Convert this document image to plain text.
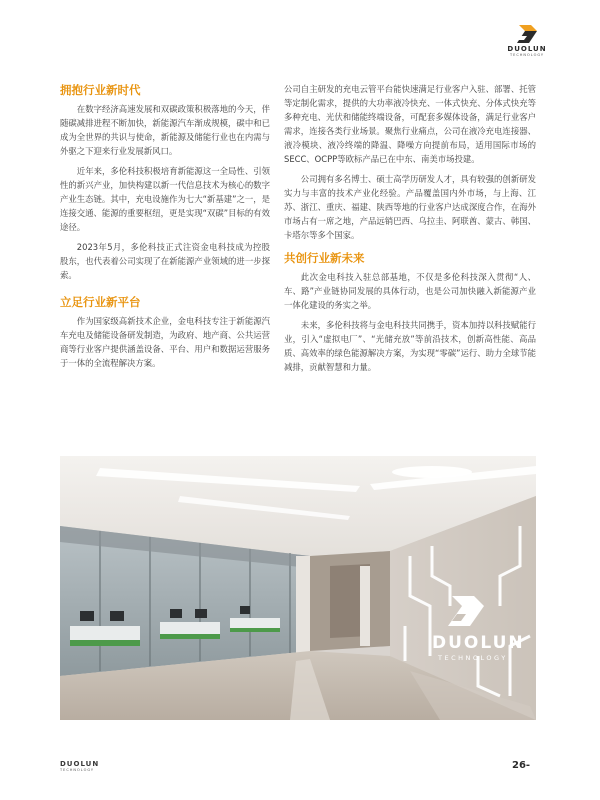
DUOLUN
TECHNOLOGY
拥抱行业新时代

在数字经济高速发展和双碳政策积极落地的今天，伴随碳减排进程不断加快，新能源汽车渐成规模，碳中和已成为全世界的共识与使命，新能源及储能行业也在内需与外驱之下迎来行业发展新风口。

近年来，多伦科技积极培育新能源这一全局性、引领性的新兴产业，加快构建以新一代信息技术为核心的数字产业生态链。其中，充电设施作为七大“新基建”之一，是连接交通、能源的重要枢纽，更是实现“双碳”目标的有效途径。

2023年5月，多伦科技正式注资金电科技成为控股股东，也代表着公司实现了在新能源产业领域的进一步探索。

立足行业新平台

作为国家级高新技术企业，金电科技专注于新能源汽车充电及储能设备研发制造，为政府、地产商、公共运营商等行业客户提供涵盖设备、平台、用户和数据运营服务于一体的全流程解决方案。

公司自主研发的充电云管平台能快速满足行业客户入驻、部署、托管等定制化需求，提供的大功率液冷快充、一体式快充、分体式快充等多种充电、光伏和储能终端设备，可配套多媒体设备，满足行业客户需求，连接各类行业场景。聚焦行业痛点，公司在液冷充电连接器、液冷模块、液冷终端的降温、降噪方向提前布局，适用国际市场的SECC、OCPP等欧标产品已在中东、南美市场投建。

公司拥有多名博士、硕士高学历研发人才，具有较强的创新研发实力与丰富的技术产业化经验。产品覆盖国内外市场，与上海、江苏、浙江、重庆、福建、陕西等地的行业客户达成深度合作，在海外市场占有一席之地，产品远销巴西、乌拉圭、阿联酋、蒙古、韩国、卡塔尔等多个国家。

共创行业新未来

此次金电科技入驻总部基地，不仅是多伦科技深入贯彻“人、车、路”产业链协同发展的具体行动，也是公司加快融入新能源产业一体化建设的务实之举。

未来，多伦科技将与金电科技共同携手，资本加持以科技赋能行业，引入“虚拟电厂”、“光储充放”等前沿技术，创新高性能、高品质、高效率的绿色能源解决方案，为实现“零碳”运行、助力全球节能减排，贡献智慧和力量。

DUOLUN
TECHNOLOGY
DUOLUN
TECHNOLOGY	26-
